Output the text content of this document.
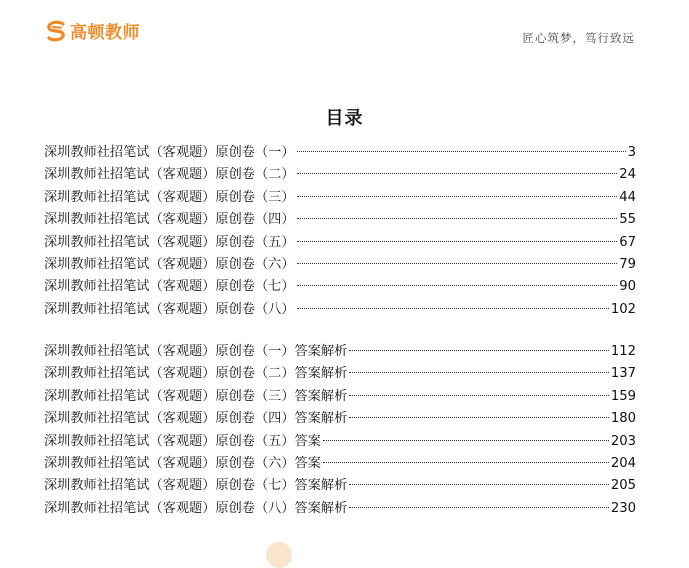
高顿教师	匠心筑梦，笃行致远
目录
深圳教师社招笔试（客观题）原创卷（一）	3
深圳教师社招笔试（客观题）原创卷（二）	24
深圳教师社招笔试（客观题）原创卷（三）	44
深圳教师社招笔试（客观题）原创卷（四）	55
深圳教师社招笔试（客观题）原创卷（五）	67
深圳教师社招笔试（客观题）原创卷（六）	79
深圳教师社招笔试（客观题）原创卷（七）	90
深圳教师社招笔试（客观题）原创卷（八）	102
深圳教师社招笔试（客观题）原创卷（一）答案解析	112
深圳教师社招笔试（客观题）原创卷（二）答案解析	137
深圳教师社招笔试（客观题）原创卷（三）答案解析	159
深圳教师社招笔试（客观题）原创卷（四）答案解析	180
深圳教师社招笔试（客观题）原创卷（五）答案	203
深圳教师社招笔试（客观题）原创卷（六）答案	204
深圳教师社招笔试（客观题）原创卷（七）答案解析	205
深圳教师社招笔试（客观题）原创卷（八）答案解析	230
